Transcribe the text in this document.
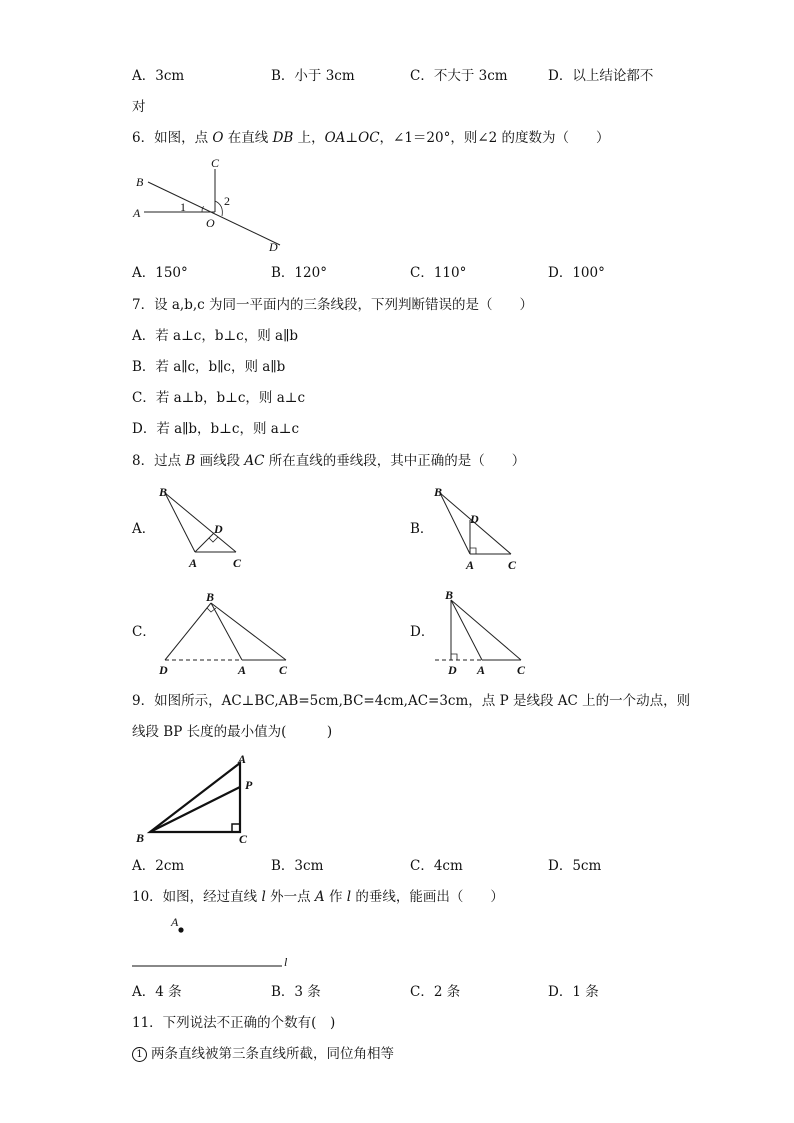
A．3cm	B．小于 3cm	C．不大于 3cm	D．以上结论都不
对
6．如图，点 O 在直线 DB 上，OA⊥OC，∠1＝20°，则∠2 的度数为（　　）
B
A
C
O
D
1	2
A．150°	B．120°	C．110°	D．100°
7．设 a,b,c 为同一平面内的三条线段，下列判断错误的是（　　）
A．若 a⊥c，b⊥c，则 a∥b
B．若 a∥c，b∥c，则 a∥b
C．若 a⊥b，b⊥c，则 a⊥c
D．若 a∥b，b⊥c，则 a⊥c
8．过点 B 画线段 AC 所在直线的垂线段，其中正确的是（　　）
A．
B
D
A	C
B．
B
D
A	C
C．
B
D	A	C
D．
B
D A	C
9．如图所示，AC⊥BC,AB=5cm,BC=4cm,AC=3cm，点 P 是线段 AC 上的一个动点，则
线段 BP 长度的最小值为(　　　)
A
P
B	C
A．2cm	B．3cm	C．4cm	D．5cm
10．如图，经过直线 l 外一点 A 作 l 的垂线，能画出（　　）
A
l
A．4 条	B．3 条	C．2 条	D．1 条
11．下列说法不正确的个数有(　)
1 两条直线被第三条直线所截，同位角相等
